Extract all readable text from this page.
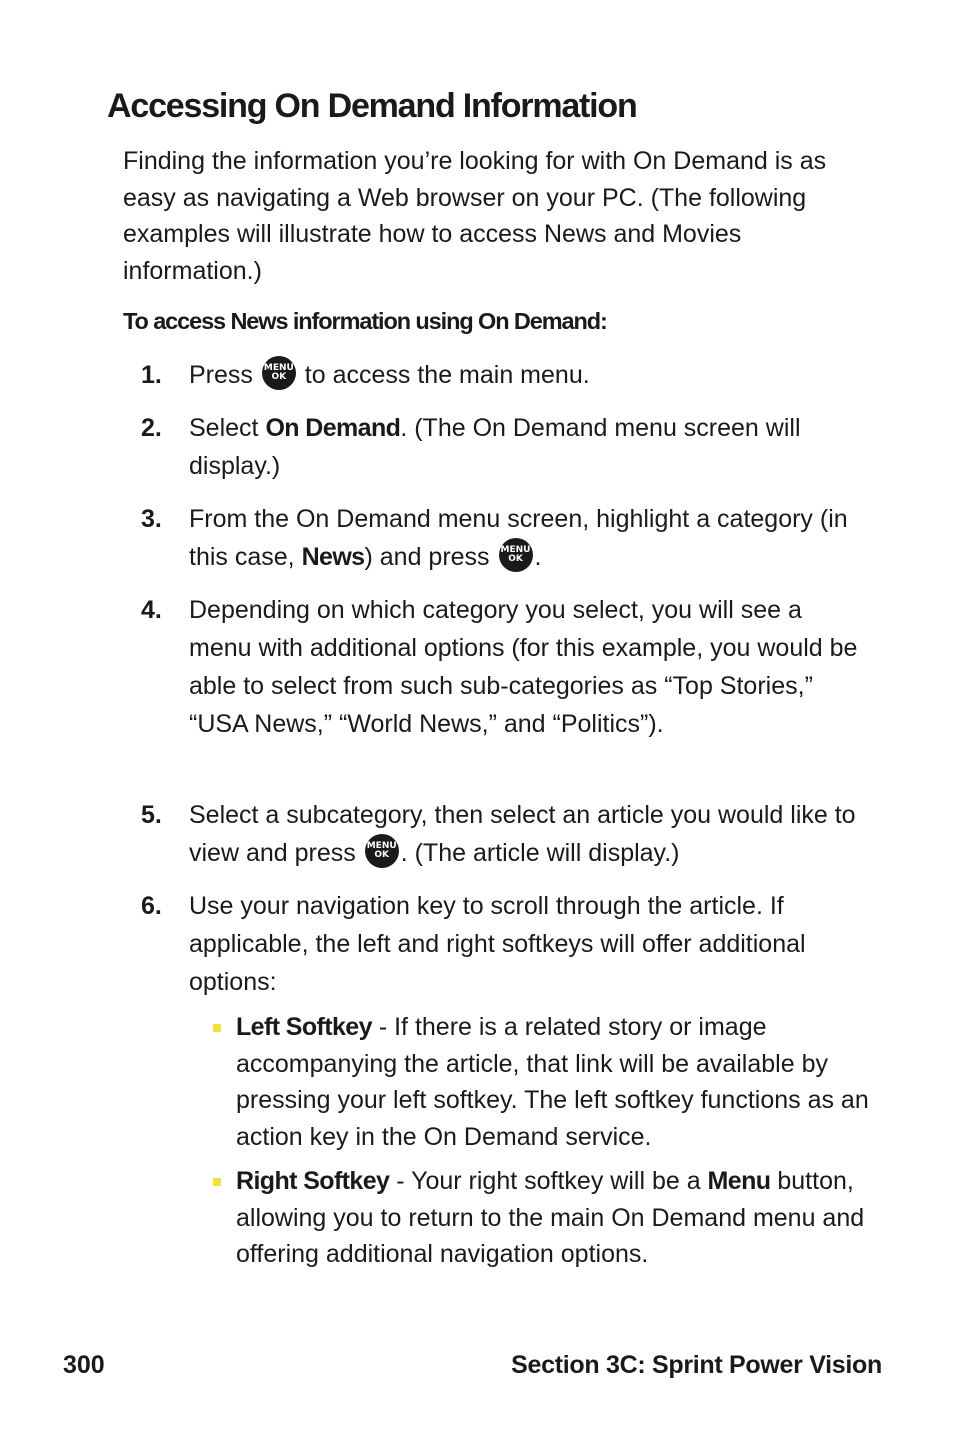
Accessing On Demand Information

Finding the information you’re looking for with On Demand is as easy as navigating a Web browser on your PC. (The following examples will illustrate how to access News and Movies information.)

To access News information using On Demand:

1. Press MENU
OK to access the main menu.
2. Select On Demand. (The On Demand menu screen will display.)
3. From the On Demand menu screen, highlight a category (in this case, News) and press MENU
OK .
4. Depending on which category you select, you will see a menu with additional options (for this example, you would be able to select from such sub-categories as “Top Stories,” “USA News,” “World News,” and “Politics”).
5. Select a subcategory, then select an article you would like to view and press MENU
OK . (The article will display.)
6. Use your navigation key to scroll through the article. If applicable, the left and right softkeys will offer additional options:
Left Softkey - If there is a related story or image accompanying the article, that link will be available by pressing your left softkey. The left softkey functions as an action key in the On Demand service.
Right Softkey - Your right softkey will be a Menu button, allowing you to return to the main On Demand menu and offering additional navigation options.
300	Section 3C: Sprint Power Vision
